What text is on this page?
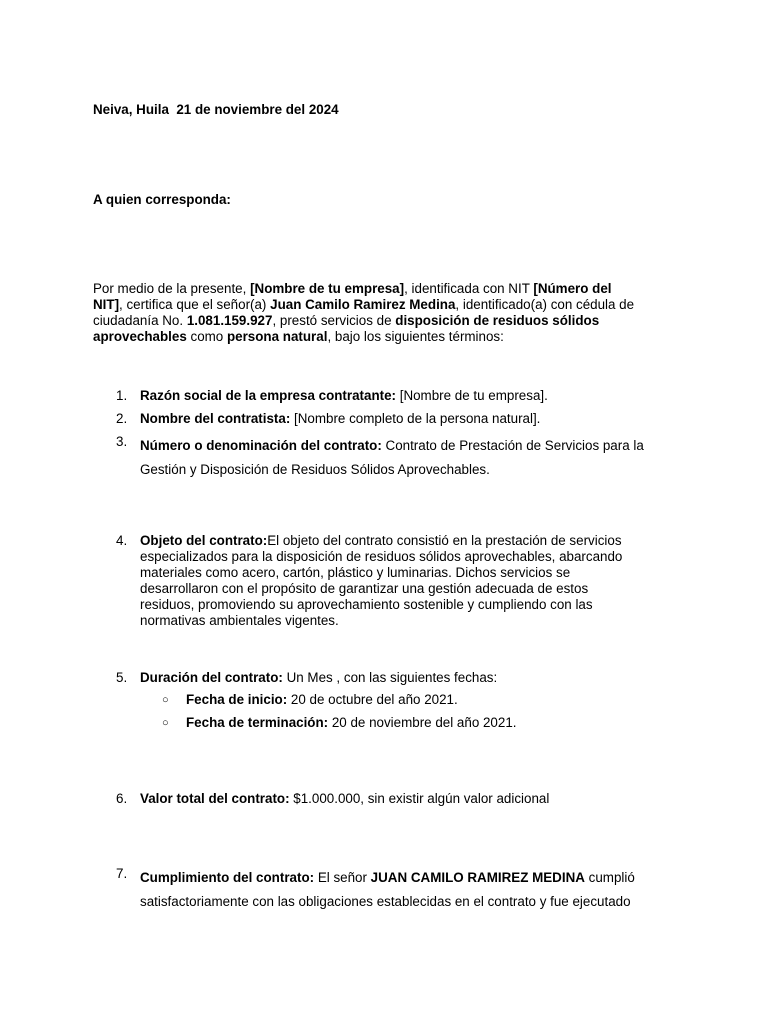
Neiva, Huila  21 de noviembre del 2024
A quien corresponda:
Por medio de la presente, [Nombre de tu empresa], identificada con NIT [Número del
NIT], certifica que el señor(a) Juan Camilo Ramirez Medina, identificado(a) con cédula de
ciudadanía No. 1.081.159.927, prestó servicios de disposición de residuos sólidos
aprovechables como persona natural, bajo los siguientes términos:
1. Razón social de la empresa contratante: [Nombre de tu empresa].
2. Nombre del contratista: [Nombre completo de la persona natural].
3. Número o denominación del contrato: Contrato de Prestación de Servicios para la
Gestión y Disposición de Residuos Sólidos Aprovechables.
4. Objeto del contrato:El objeto del contrato consistió en la prestación de servicios
especializados para la disposición de residuos sólidos aprovechables, abarcando
materiales como acero, cartón, plástico y luminarias. Dichos servicios se
desarrollaron con el propósito de garantizar una gestión adecuada de estos
residuos, promoviendo su aprovechamiento sostenible y cumpliendo con las
normativas ambientales vigentes.
5. Duración del contrato: Un Mes , con las siguientes fechas:
○ Fecha de inicio: 20 de octubre del año 2021.
○ Fecha de terminación: 20 de noviembre del año 2021.
6. Valor total del contrato: $1.000.000, sin existir algún valor adicional
7. Cumplimiento del contrato: El señor JUAN CAMILO RAMIREZ MEDINA cumplió
satisfactoriamente con las obligaciones establecidas en el contrato y fue ejecutado
